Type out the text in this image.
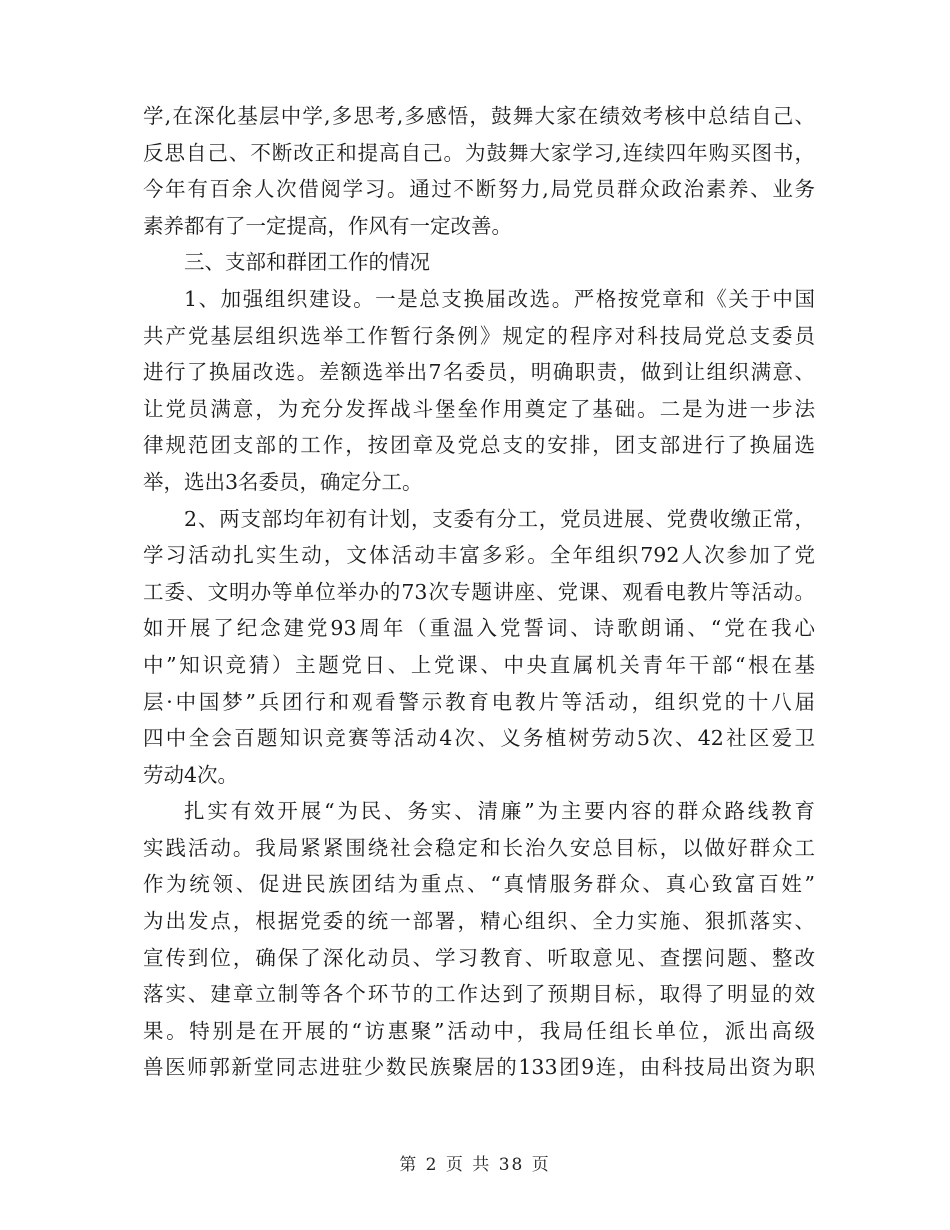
学,在深化基层中学,多思考,多感悟，鼓舞大家在绩效考核中总结自己、
反思自己、不断改正和提高自己。为鼓舞大家学习,连续四年购买图书，
今年有百余人次借阅学习。通过不断努力,局党员群众政治素养、业务
素养都有了一定提高，作风有一定改善。
三、支部和群团工作的情况
1、加强组织建设。一是总支换届改选。严格按党章和《关于中国
共产党基层组织选举工作暂行条例》规定的程序对科技局党总支委员
进行了换届改选。差额选举出7名委员，明确职责，做到让组织满意、
让党员满意，为充分发挥战斗堡垒作用奠定了基础。二是为进一步法
律规范团支部的工作，按团章及党总支的安排，团支部进行了换届选
举，选出3名委员，确定分工。
2、两支部均年初有计划，支委有分工，党员进展、党费收缴正常，
学习活动扎实生动，文体活动丰富多彩。全年组织792人次参加了党
工委、文明办等单位举办的73次专题讲座、党课、观看电教片等活动。
如开展了纪念建党93周年（重温入党誓词、诗歌朗诵、“党在我心
中”知识竞猜）主题党日、上党课、中央直属机关青年干部“根在基
层·中国梦”兵团行和观看警示教育电教片等活动，组织党的十八届
四中全会百题知识竞赛等活动4次、义务植树劳动5次、42社区爱卫
劳动4次。
扎实有效开展“为民、务实、清廉”为主要内容的群众路线教育
实践活动。我局紧紧围绕社会稳定和长治久安总目标，以做好群众工
作为统领、促进民族团结为重点、“真情服务群众、真心致富百姓”
为出发点，根据党委的统一部署，精心组织、全力实施、狠抓落实、
宣传到位，确保了深化动员、学习教育、听取意见、查摆问题、整改
落实、建章立制等各个环节的工作达到了预期目标，取得了明显的效
果。特别是在开展的“访惠聚”活动中，我局任组长单位，派出高级
兽医师郭新堂同志进驻少数民族聚居的133团9连，由科技局出资为职
第 2 页 共 38 页
